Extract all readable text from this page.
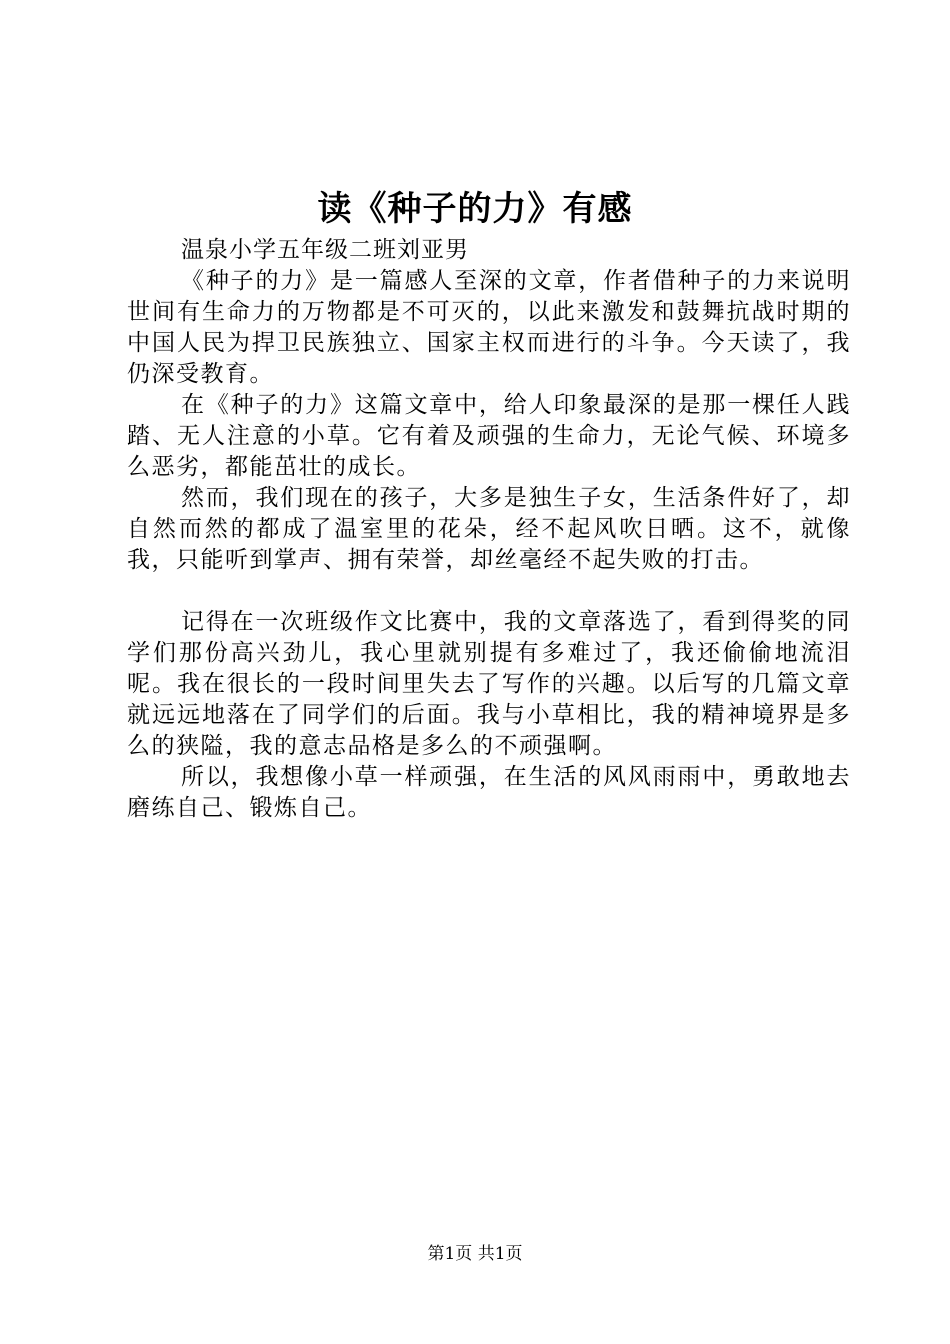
读《种子的力》有感

温泉小学五年级二班刘亚男

《种子的力》是一篇感人至深的文章，作者借种子的力来说明世间有生命力的万物都是不可灭的，以此来激发和鼓舞抗战时期的中国人民为捍卫民族独立、国家主权而进行的斗争。今天读了，我仍深受教育。

在《种子的力》这篇文章中，给人印象最深的是那一棵任人践踏、无人注意的小草。它有着及顽强的生命力，无论气候、环境多么恶劣，都能茁壮的成长。

然而，我们现在的孩子，大多是独生子女，生活条件好了，却自然而然的都成了温室里的花朵，经不起风吹日晒。这不，就像我，只能听到掌声、拥有荣誉，却丝毫经不起失败的打击。

记得在一次班级作文比赛中，我的文章落选了，看到得奖的同学们那份高兴劲儿，我心里就别提有多难过了，我还偷偷地流泪呢。我在很长的一段时间里失去了写作的兴趣。以后写的几篇文章就远远地落在了同学们的后面。我与小草相比，我的精神境界是多么的狭隘，我的意志品格是多么的不顽强啊。

所以，我想像小草一样顽强，在生活的风风雨雨中，勇敢地去磨练自己、锻炼自己。

第1页 共1页
